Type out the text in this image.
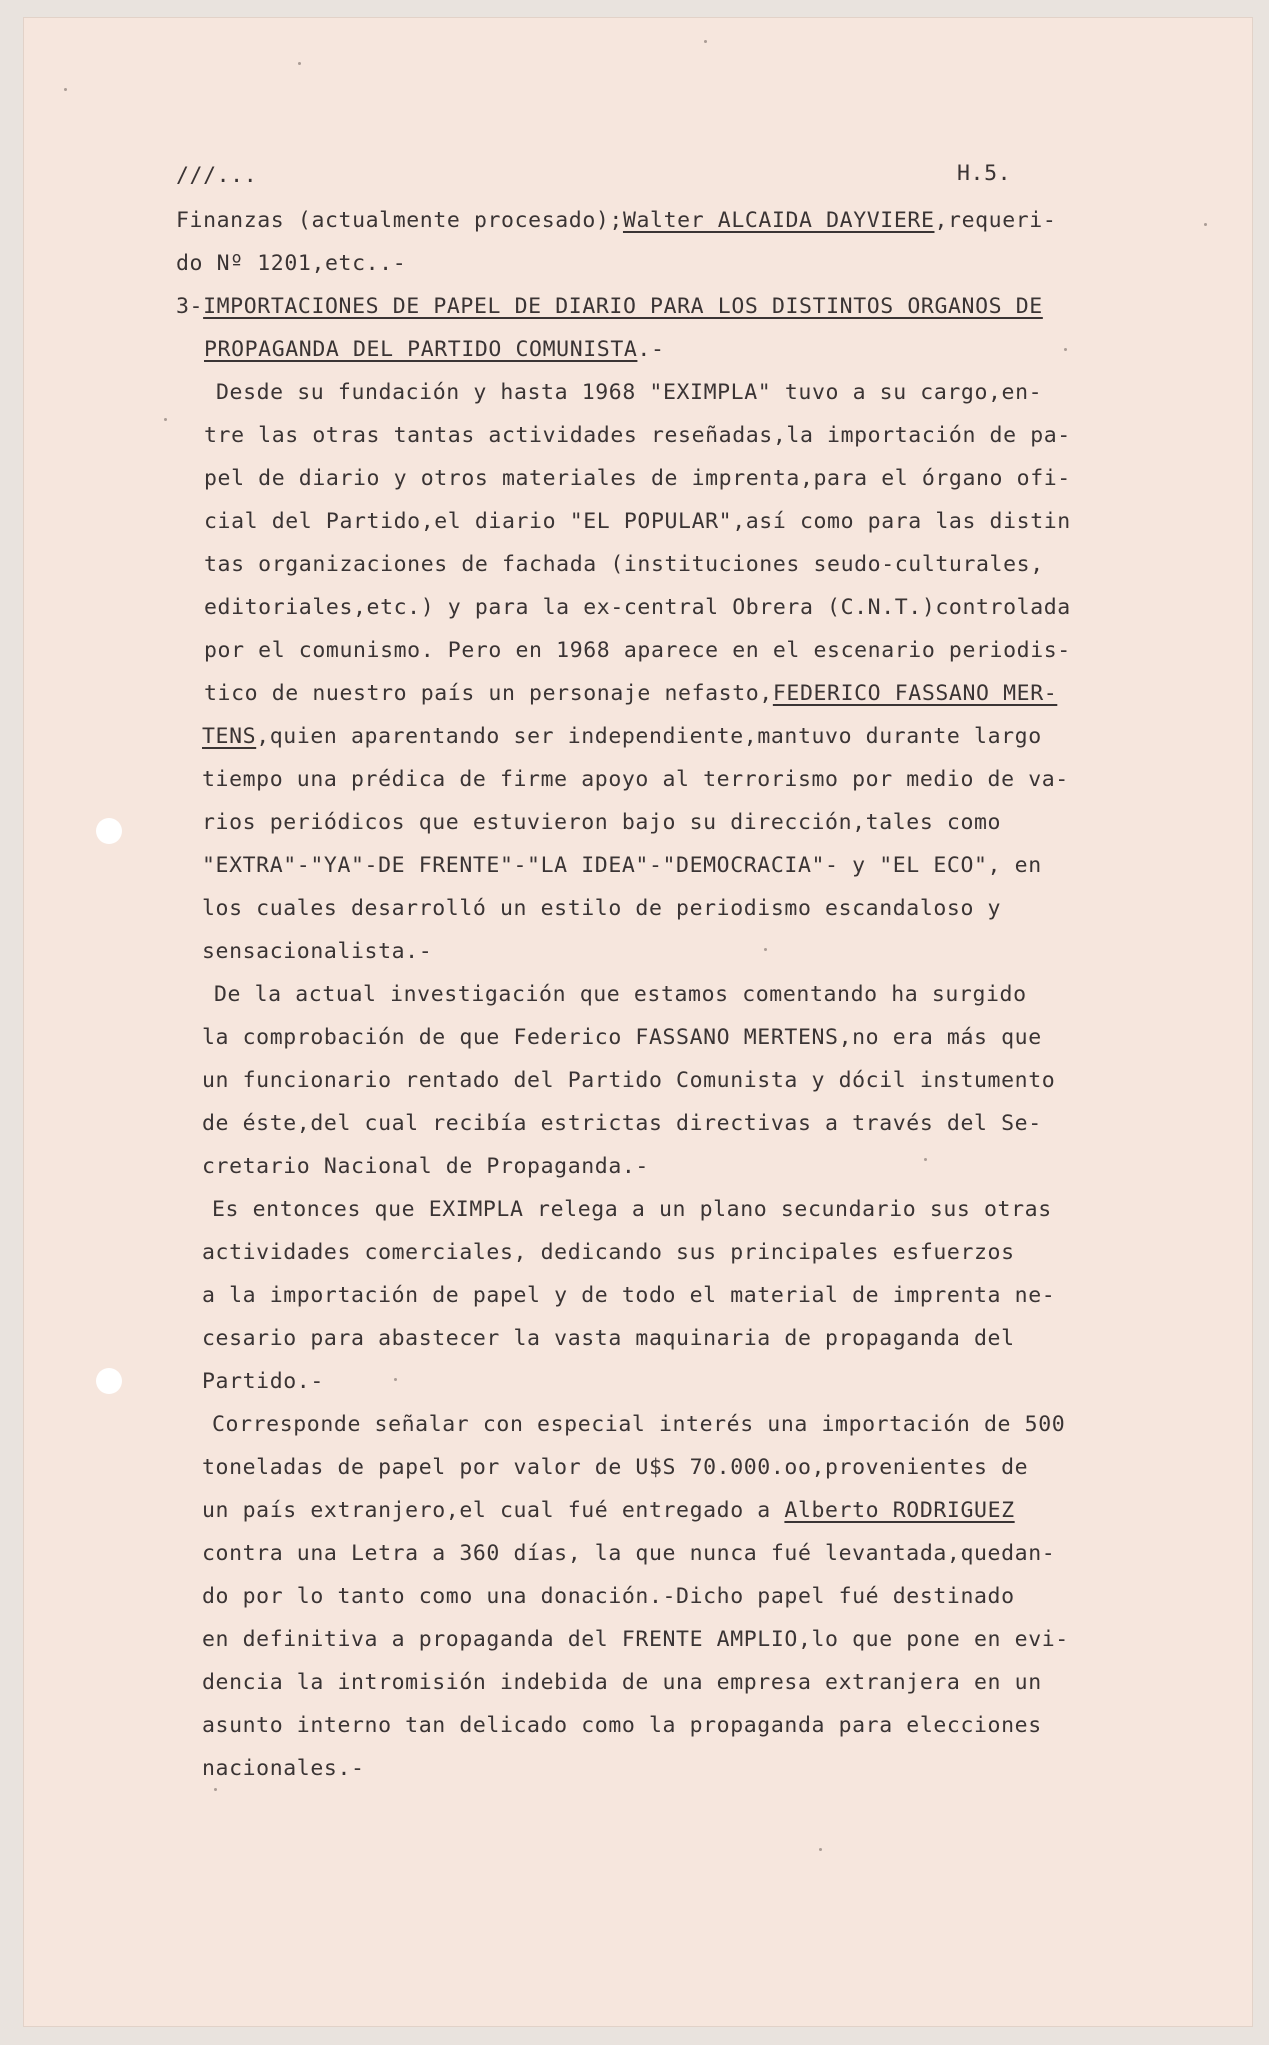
///...	H.5.
Finanzas (actualmente procesado);Walter ALCAIDA DAYVIERE,requeri-
do Nº 1201,etc..-
3-IMPORTACIONES DE PAPEL DE DIARIO PARA LOS DISTINTOS ORGANOS DE
PROPAGANDA DEL PARTIDO COMUNISTA.-
Desde su fundación y hasta 1968 "EXIMPLA" tuvo a su cargo,en-
tre las otras tantas actividades reseñadas,la importación de pa-
pel de diario y otros materiales de imprenta,para el órgano ofi-
cial del Partido,el diario "EL POPULAR",así como para las distin
tas organizaciones de fachada (instituciones seudo-culturales,
editoriales,etc.) y para la ex-central Obrera (C.N.T.)controlada
por el comunismo. Pero en 1968 aparece en el escenario periodis-
tico de nuestro país un personaje nefasto,FEDERICO FASSANO MER-
TENS,quien aparentando ser independiente,mantuvo durante largo
tiempo una prédica de firme apoyo al terrorismo por medio de va-
rios periódicos que estuvieron bajo su dirección,tales como
"EXTRA"-"YA"-DE FRENTE"-"LA IDEA"-"DEMOCRACIA"- y "EL ECO", en
los cuales desarrolló un estilo de periodismo escandaloso y
sensacionalista.-
De la actual investigación que estamos comentando ha surgido
la comprobación de que Federico FASSANO MERTENS,no era más que
un funcionario rentado del Partido Comunista y dócil instumento
de éste,del cual recibía estrictas directivas a través del Se-
cretario Nacional de Propaganda.-
Es entonces que EXIMPLA relega a un plano secundario sus otras
actividades comerciales, dedicando sus principales esfuerzos
a la importación de papel y de todo el material de imprenta ne-
cesario para abastecer la vasta maquinaria de propaganda del
Partido.-
Corresponde señalar con especial interés una importación de 500
toneladas de papel por valor de U$S 70.000.oo,provenientes de
un país extranjero,el cual fué entregado a Alberto RODRIGUEZ
contra una Letra a 360 días, la que nunca fué levantada,quedan-
do por lo tanto como una donación.-Dicho papel fué destinado
en definitiva a propaganda del FRENTE AMPLIO,lo que pone en evi-
dencia la intromisión indebida de una empresa extranjera en un
asunto interno tan delicado como la propaganda para elecciones
nacionales.-
